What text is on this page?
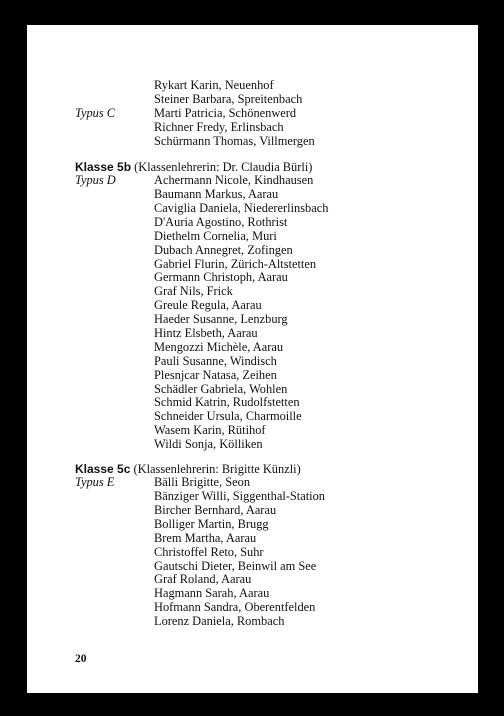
Rykart Karin, Neuenhof
Steiner Barbara, Spreitenbach
Typus C	Marti Patricia, Schönenwerd
Richner Fredy, Erlinsbach
Schürmann Thomas, Villmergen
Klasse 5b (Klassenlehrerin: Dr. Claudia Bürli)
Typus D	Achermann Nicole, Kindhausen
Baumann Markus, Aarau
Caviglia Daniela, Niedererlinsbach
D'Auria Agostino, Rothrist
Diethelm Cornelia, Muri
Dubach Annegret, Zofingen
Gabriel Flurin, Zürich-Altstetten
Germann Christoph, Aarau
Graf Nils, Frick
Greule Regula, Aarau
Haeder Susanne, Lenzburg
Hintz Elsbeth, Aarau
Mengozzi Michèle, Aarau
Pauli Susanne, Windisch
Plesnjcar Natasa, Zeihen
Schädler Gabriela, Wohlen
Schmid Katrin, Rudolfstetten
Schneider Ursula, Charmoille
Wasem Karin, Rütihof
Wildi Sonja, Kölliken
Klasse 5c (Klassenlehrerin: Brigitte Künzli)
Typus E	Bälli Brigitte, Seon
Bänziger Willi, Siggenthal-Station
Bircher Bernhard, Aarau
Bolliger Martin, Brugg
Brem Martha, Aarau
Christoffel Reto, Suhr
Gautschi Dieter, Beinwil am See
Graf Roland, Aarau
Hagmann Sarah, Aarau
Hofmann Sandra, Oberentfelden
Lorenz Daniela, Rombach
20
